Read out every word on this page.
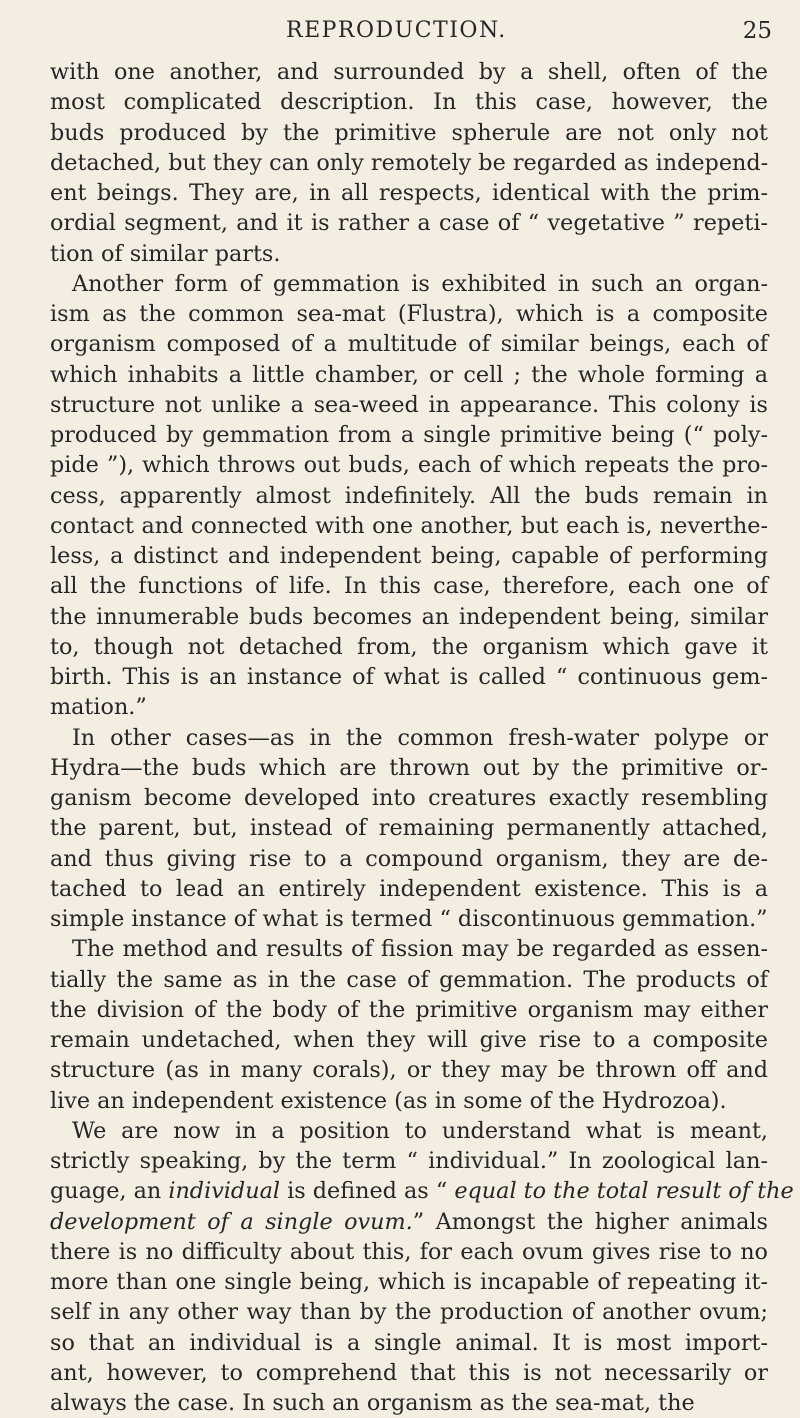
REPRODUCTION.	25
with one another, and surrounded by a shell, often of the
most complicated description. In this case, however, the
buds produced by the primitive spherule are not only not
detached, but they can only remotely be regarded as independ-
ent beings. They are, in all respects, identical with the prim-
ordial segment, and it is rather a case of “ vegetative ” repeti-
tion of similar parts.
Another form of gemmation is exhibited in such an organ-
ism as the common sea-mat (Flustra), which is a composite
organism composed of a multitude of similar beings, each of
which inhabits a little chamber, or cell ; the whole forming a
structure not unlike a sea-weed in appearance. This colony is
produced by gemmation from a single primitive being (“ poly-
pide ”), which throws out buds, each of which repeats the pro-
cess, apparently almost indefinitely. All the buds remain in
contact and connected with one another, but each is, neverthe-
less, a distinct and independent being, capable of performing
all the functions of life. In this case, therefore, each one of
the innumerable buds becomes an independent being, similar
to, though not detached from, the organism which gave it
birth. This is an instance of what is called “ continuous gem-
mation.”
In other cases—as in the common fresh-water polype or
Hydra—the buds which are thrown out by the primitive or-
ganism become developed into creatures exactly resembling
the parent, but, instead of remaining permanently attached,
and thus giving rise to a compound organism, they are de-
tached to lead an entirely independent existence. This is a
simple instance of what is termed “ discontinuous gemmation.”
The method and results of fission may be regarded as essen-
tially the same as in the case of gemmation. The products of
the division of the body of the primitive organism may either
remain undetached, when they will give rise to a composite
structure (as in many corals), or they may be thrown off and
live an independent existence (as in some of the Hydrozoa).
We are now in a position to understand what is meant,
strictly speaking, by the term “ individual.” In zoological lan-
guage, an individual is defined as “ equal to the total result of the
development of a single ovum.” Amongst the higher animals
there is no difficulty about this, for each ovum gives rise to no
more than one single being, which is incapable of repeating it-
self in any other way than by the production of another ovum;
so that an individual is a single animal. It is most import-
ant, however, to comprehend that this is not necessarily or
always the case. In such an organism as the sea-mat, the
